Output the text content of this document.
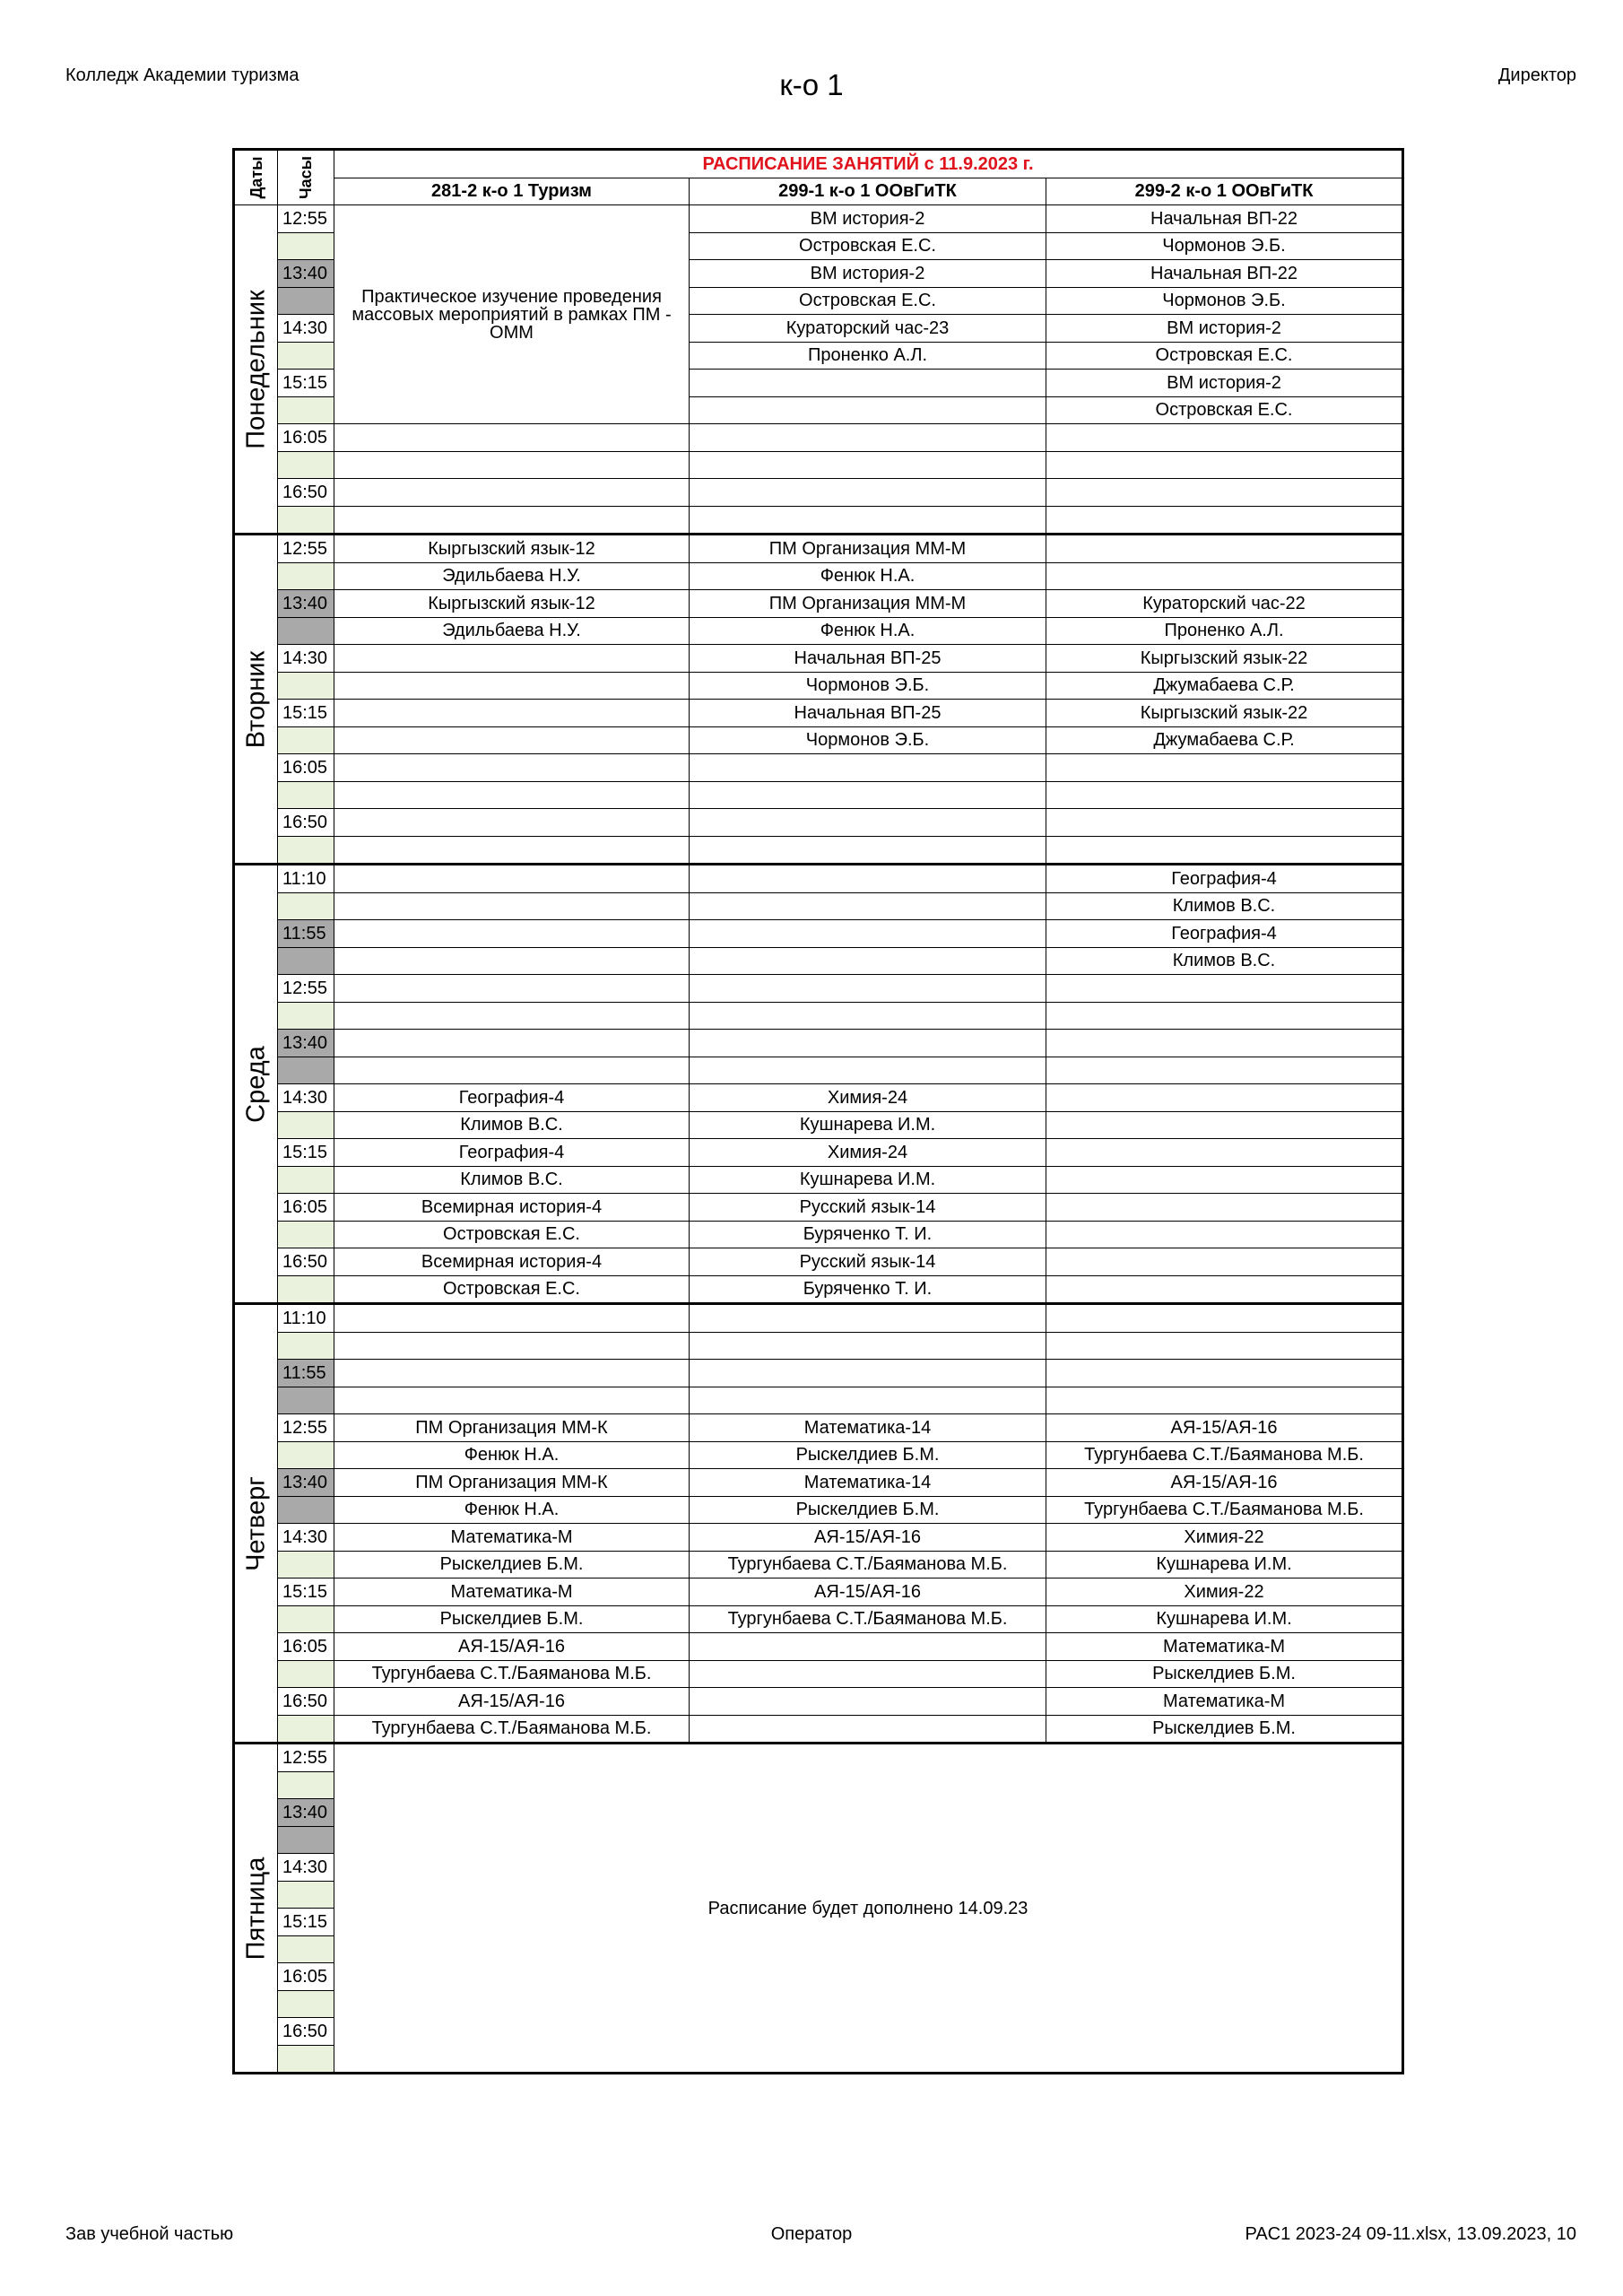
Колледж Академии туризма	к-о 1	Директор
Даты	Часы	РАСПИСАНИЕ ЗАНЯТИЙ с 11.9.2023 г.		
		281-2 к-о 1 Туризм	299-1 к-о 1 ООвГиТК	299-2 к-о 1 ООвГиТК

Понедельник	12:55	Практическое изучение проведения массовых мероприятий в рамках ПМ - ОММ	ВМ история-2	Начальная ВП-22
			Островская Е.С.	Чормонов Э.Б.
	13:40		ВМ история-2	Начальная ВП-22
			Островская Е.С.	Чормонов Э.Б.
	14:30		Кураторский час-23	ВМ история-2
			Проненко А.Л.	Островская Е.С.
	15:15			ВМ история-2
				Островская Е.С.
	16:05			

	16:50			

Вторник	12:55	Кыргызский язык-12	ПМ Организация ММ-М	
		Эдильбаева Н.У.	Фенюк Н.А.	
	13:40	Кыргызский язык-12	ПМ Организация ММ-М	Кураторский час-22
		Эдильбаева Н.У.	Фенюк Н.А.	Проненко А.Л.
	14:30		Начальная ВП-25	Кыргызский язык-22
			Чормонов Э.Б.	Джумабаева С.Р.
	15:15		Начальная ВП-25	Кыргызский язык-22
			Чормонов Э.Б.	Джумабаева С.Р.
	16:05			

	16:50			

Среда	11:10			География-4
				Климов В.С.
	11:55			География-4
				Климов В.С.
	12:55			

	13:40			

	14:30	География-4	Химия-24	
		Климов В.С.	Кушнарева И.М.	
	15:15	География-4	Химия-24	
		Климов В.С.	Кушнарева И.М.	
	16:05	Всемирная история-4	Русский язык-14	
		Островская Е.С.	Буряченко Т. И.	
	16:50	Всемирная история-4	Русский язык-14	
		Островская Е.С.	Буряченко Т. И.	

Четверг	11:10			

	11:55			

	12:55	ПМ Организация ММ-К	Математика-14	АЯ-15/АЯ-16
		Фенюк Н.А.	Рыскелдиев Б.М.	Тургунбаева С.Т./Баяманова М.Б.
	13:40	ПМ Организация ММ-К	Математика-14	АЯ-15/АЯ-16
		Фенюк Н.А.	Рыскелдиев Б.М.	Тургунбаева С.Т./Баяманова М.Б.
	14:30	Математика-М	АЯ-15/АЯ-16	Химия-22
		Рыскелдиев Б.М.	Тургунбаева С.Т./Баяманова М.Б.	Кушнарева И.М.
	15:15	Математика-М	АЯ-15/АЯ-16	Химия-22
		Рыскелдиев Б.М.	Тургунбаева С.Т./Баяманова М.Б.	Кушнарева И.М.
	16:05	АЯ-15/АЯ-16		Математика-М
		Тургунбаева С.Т./Баяманова М.Б.		Рыскелдиев Б.М.
	16:50	АЯ-15/АЯ-16		Математика-М
		Тургунбаева С.Т./Баяманова М.Б.		Рыскелдиев Б.М.

Пятница	12:55	Расписание будет дополнено 14.09.23		

	13:40			

	14:30			

	15:15			

	16:05			

	16:50			

Зав учебной частью	Оператор	PAC1 2023-24 09-11.xlsx, 13.09.2023, 10
